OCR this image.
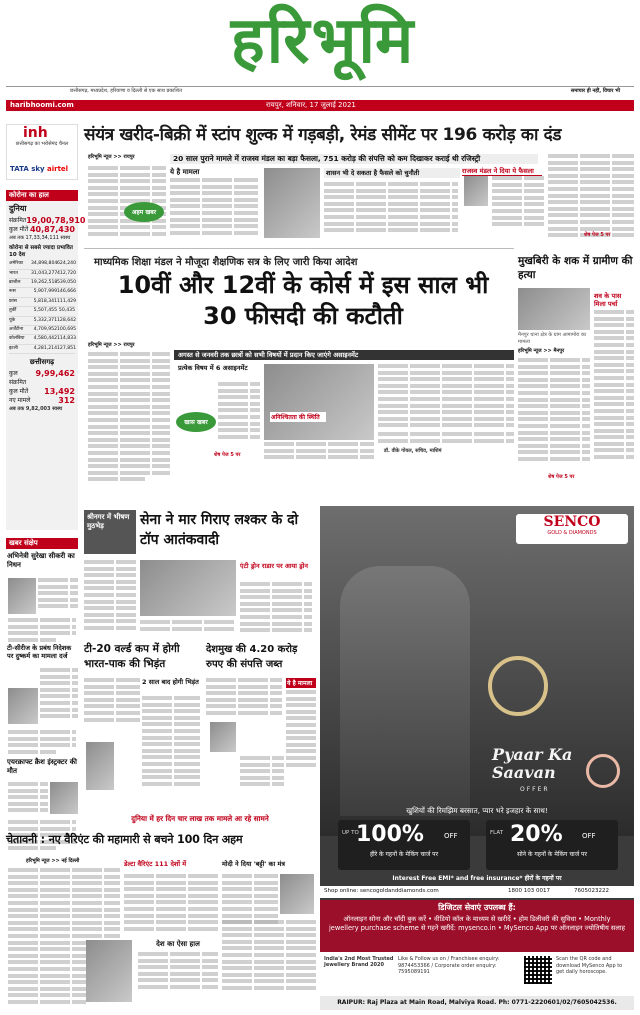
हरिभूमि
छत्तीसगढ़, मध्यप्रदेश, हरियाणा व दिल्ली से एक साथ प्रकाशित	समाचार ही नहीं, विचार भी
haribhoomi.com	रायपुर, शनिवार, 17 जुलाई 2021
inh
छत्तीसगढ़ का भरोसेमंद चैनल
TATA sky airtel
कोरोना का हाल
दुनिया
संक्रमित 19,00,78,910
कुल मौतें 40,87,430
अब तक 17,33,34,111 स्वस्थ
कोरोना से सबसे ज्यादा प्रभावित 10 देश
अमेरिका	34,898,804 624,240
भारत	31,043,277 412,720
ब्राजील	19,262,518 539,050
रूस	5,907,999 146,666
फ्रांस	5,818,341 111,429
तुर्की	5,507,455 50,435
यूके	5,332,371 128,642
अर्जेंटीना	4,709,952 100,695
कोलंबिया	4,580,442 114,833
इटली	4,281,214 127,851
छत्तीसगढ़
कुल संक्रमित
9,99,462
कुल मौतें 13,492
नए मामले	312
अब तक 9,82,003 स्वस्थ
खबर संक्षेप
अभिनेत्री सुरेखा सीकरी का निधन
टी-सीरीज के प्रबंध निदेशक पर दुष्कर्म का मामला दर्ज
एयरक्राफ्ट क्रैश इंस्ट्रक्टर की मौत
संयंत्र खरीद-बिक्री में स्टांप शुल्क में गड़बड़ी, रेमंड सीमेंट पर 196 करोड़ का दंड
हरिभूमि न्यूज >> रायपुर	20 साल पुराने मामले में राजस्व मंडल का बड़ा फैसला, 751 करोड़ की संपत्ति को कम दिखाकर कराई थी रजिस्ट्री
अहम खबर
ये है मामला	शासन भी दे सकता है फैसले को चुनौती	राजस्व मंडल ने दिया ये फैसला
शेष पेज 5 पर
माध्यमिक शिक्षा मंडल ने मौजूदा शैक्षणिक सत्र के लिए जारी किया आदेश
10वीं और 12वीं के कोर्स में इस साल भी 30 फीसदी की कटौती
हरिभूमि न्यूज >> रायपुर
अगस्त से जनवरी तक छात्रों को सभी विषयों में प्रदान किए जाएंगे असाइनमेंट
खास खबर
प्रत्येक विषय में 6 असाइनमेंट
अनिश्चितता की स्थिति
डॉ. वीके गोयल, सचिव, माशिमं
शेष पेज 5 पर
मुखबिरी के शक में ग्रामीण की हत्या
मैनपुर थाना क्षेत्र के ग्राम आमामोरा का मामला
शव के पास मिला पर्चा
हरिभूमि न्यूज >> मैनपुर
शेष पेज 5 पर
श्रीनगर में भीषण मुठभेड़	सेना ने मार गिराए लश्कर के दो टॉप आतंकवादी
एंटी ड्रोन राडार पर आया ड्रोन
टी-20 वर्ल्ड कप में होगी भारत-पाक की भिड़ंत
2 साल बाद होगी भिड़ंत
देशमुख की 4.20 करोड़ रुपए की संपत्ति जब्त
ये है मामला
दुनिया में हर दिन चार लाख तक मामले आ रहे सामने
चेतावनी : नए वैरिएंट की महामारी से बचने 100 दिन अहम
हरिभूमि न्यूज >> नई दिल्ली	डेल्टा वैरिएंट 111 देशों में
देश का ऐसा हाल
मोदी ने दिया 'बट्टी' का मंत्र
SENCO
GOLD & DIAMONDS
Pyaar Ka Saavan
OFFER
खुशियों की रिमझिम बरसात, प्यार भरे इजहार के साथ!
UP TO
100%	OFF
हीरे के गहनों के मेकिंग चार्ज पर
FLAT 20%	OFF
सोने के गहनों के मेकिंग चार्ज पर
Interest Free EMI* and free insurance* हीरों के गहनों पर
Shop online: sencogoldanddiamonds.com	1800 103 0017	7605023222
डिजिटल सेवाएं उपलब्ध हैं:
ऑनलाइन सोना और चाँदी बुक करें • वीडियो कॉल के माध्यम से खरीदें • होम डिलीवरी की सुविधा • Monthly jewellery purchase scheme से गहने खरीदें: mysenco.in • MySenco App पर ऑनलाइन ज्योतिषीय सलाह
India's 2nd Most Trusted Jewellery Brand 2020
Like & Follow us on / Franchisee enquiry: 9874453366 / Corporate order enquiry: 7595089191
Scan the QR code and download MySenco App to get daily horoscope.
RAIPUR: Raj Plaza at Main Road, Malviya Road. Ph: 0771-2220601/02/7605042536.
